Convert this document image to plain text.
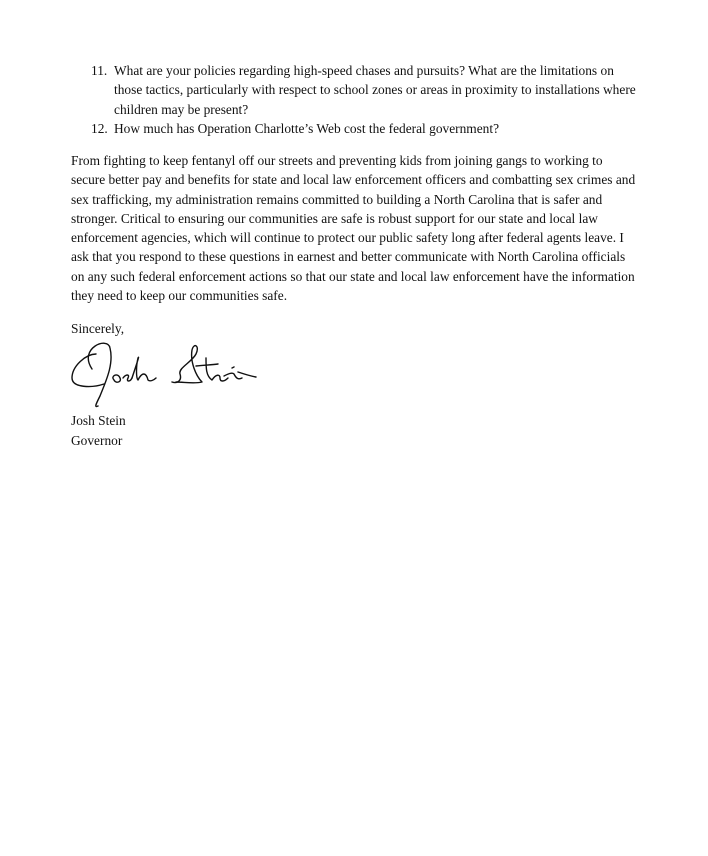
11. What are your policies regarding high-speed chases and pursuits? What are the limitations on those tactics, particularly with respect to school zones or areas in proximity to installations where children may be present?
12. How much has Operation Charlotte’s Web cost the federal government?

From fighting to keep fentanyl off our streets and preventing kids from joining gangs to working to secure better pay and benefits for state and local law enforcement officers and combatting sex crimes and sex trafficking, my administration remains committed to building a North Carolina that is safer and stronger. Critical to ensuring our communities are safe is robust support for our state and local law enforcement agencies, which will continue to protect our public safety long after federal agents leave. I ask that you respond to these questions in earnest and better communicate with North Carolina officials on any such federal enforcement actions so that our state and local law enforcement have the information they need to keep our communities safe.

Sincerely,

Josh Stein
Governor
